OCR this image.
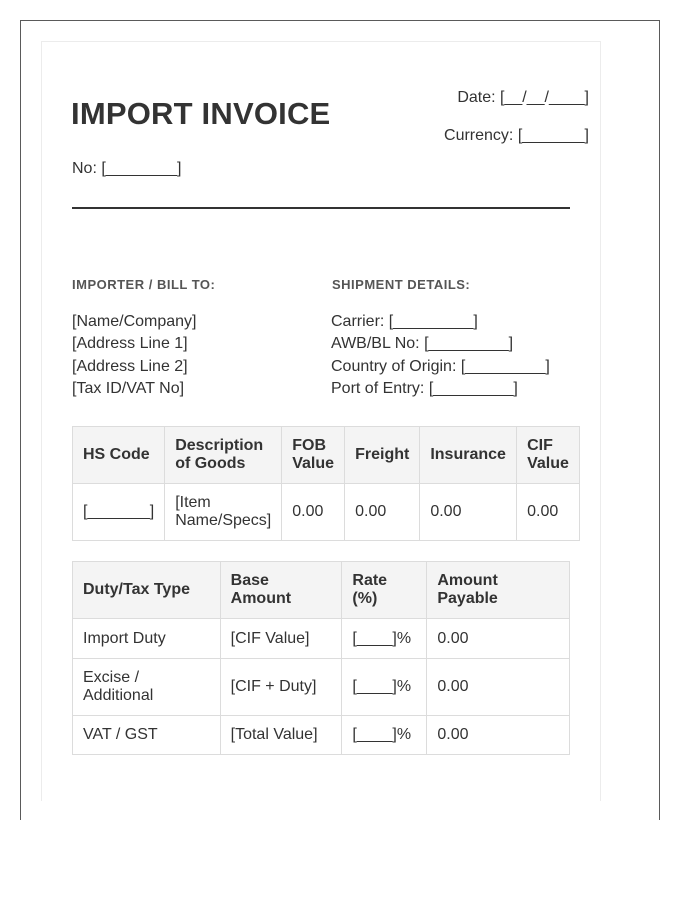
IMPORT INVOICE	Date: [__/__/____]
Currency: [_______]
No: [________]
IMPORTER / BILL TO:
[Name/Company]
[Address Line 1]
[Address Line 2]
[Tax ID/VAT No]
SHIPMENT DETAILS:
Carrier: [_________]
AWB/BL No: [_________]
Country of Origin: [_________]
Port of Entry: [_________]
HS Code	Description of Goods	FOB Value	Freight	Insurance	CIF Value
[_______]	[Item Name/Specs]	0.00	0.00	0.00	0.00
Duty/Tax Type	Base Amount	Rate (%)	Amount Payable
Import Duty	[CIF Value]	[____]%	0.00
Excise / Additional	[CIF + Duty]	[____]%	0.00
VAT / GST	[Total Value]	[____]%	0.00
